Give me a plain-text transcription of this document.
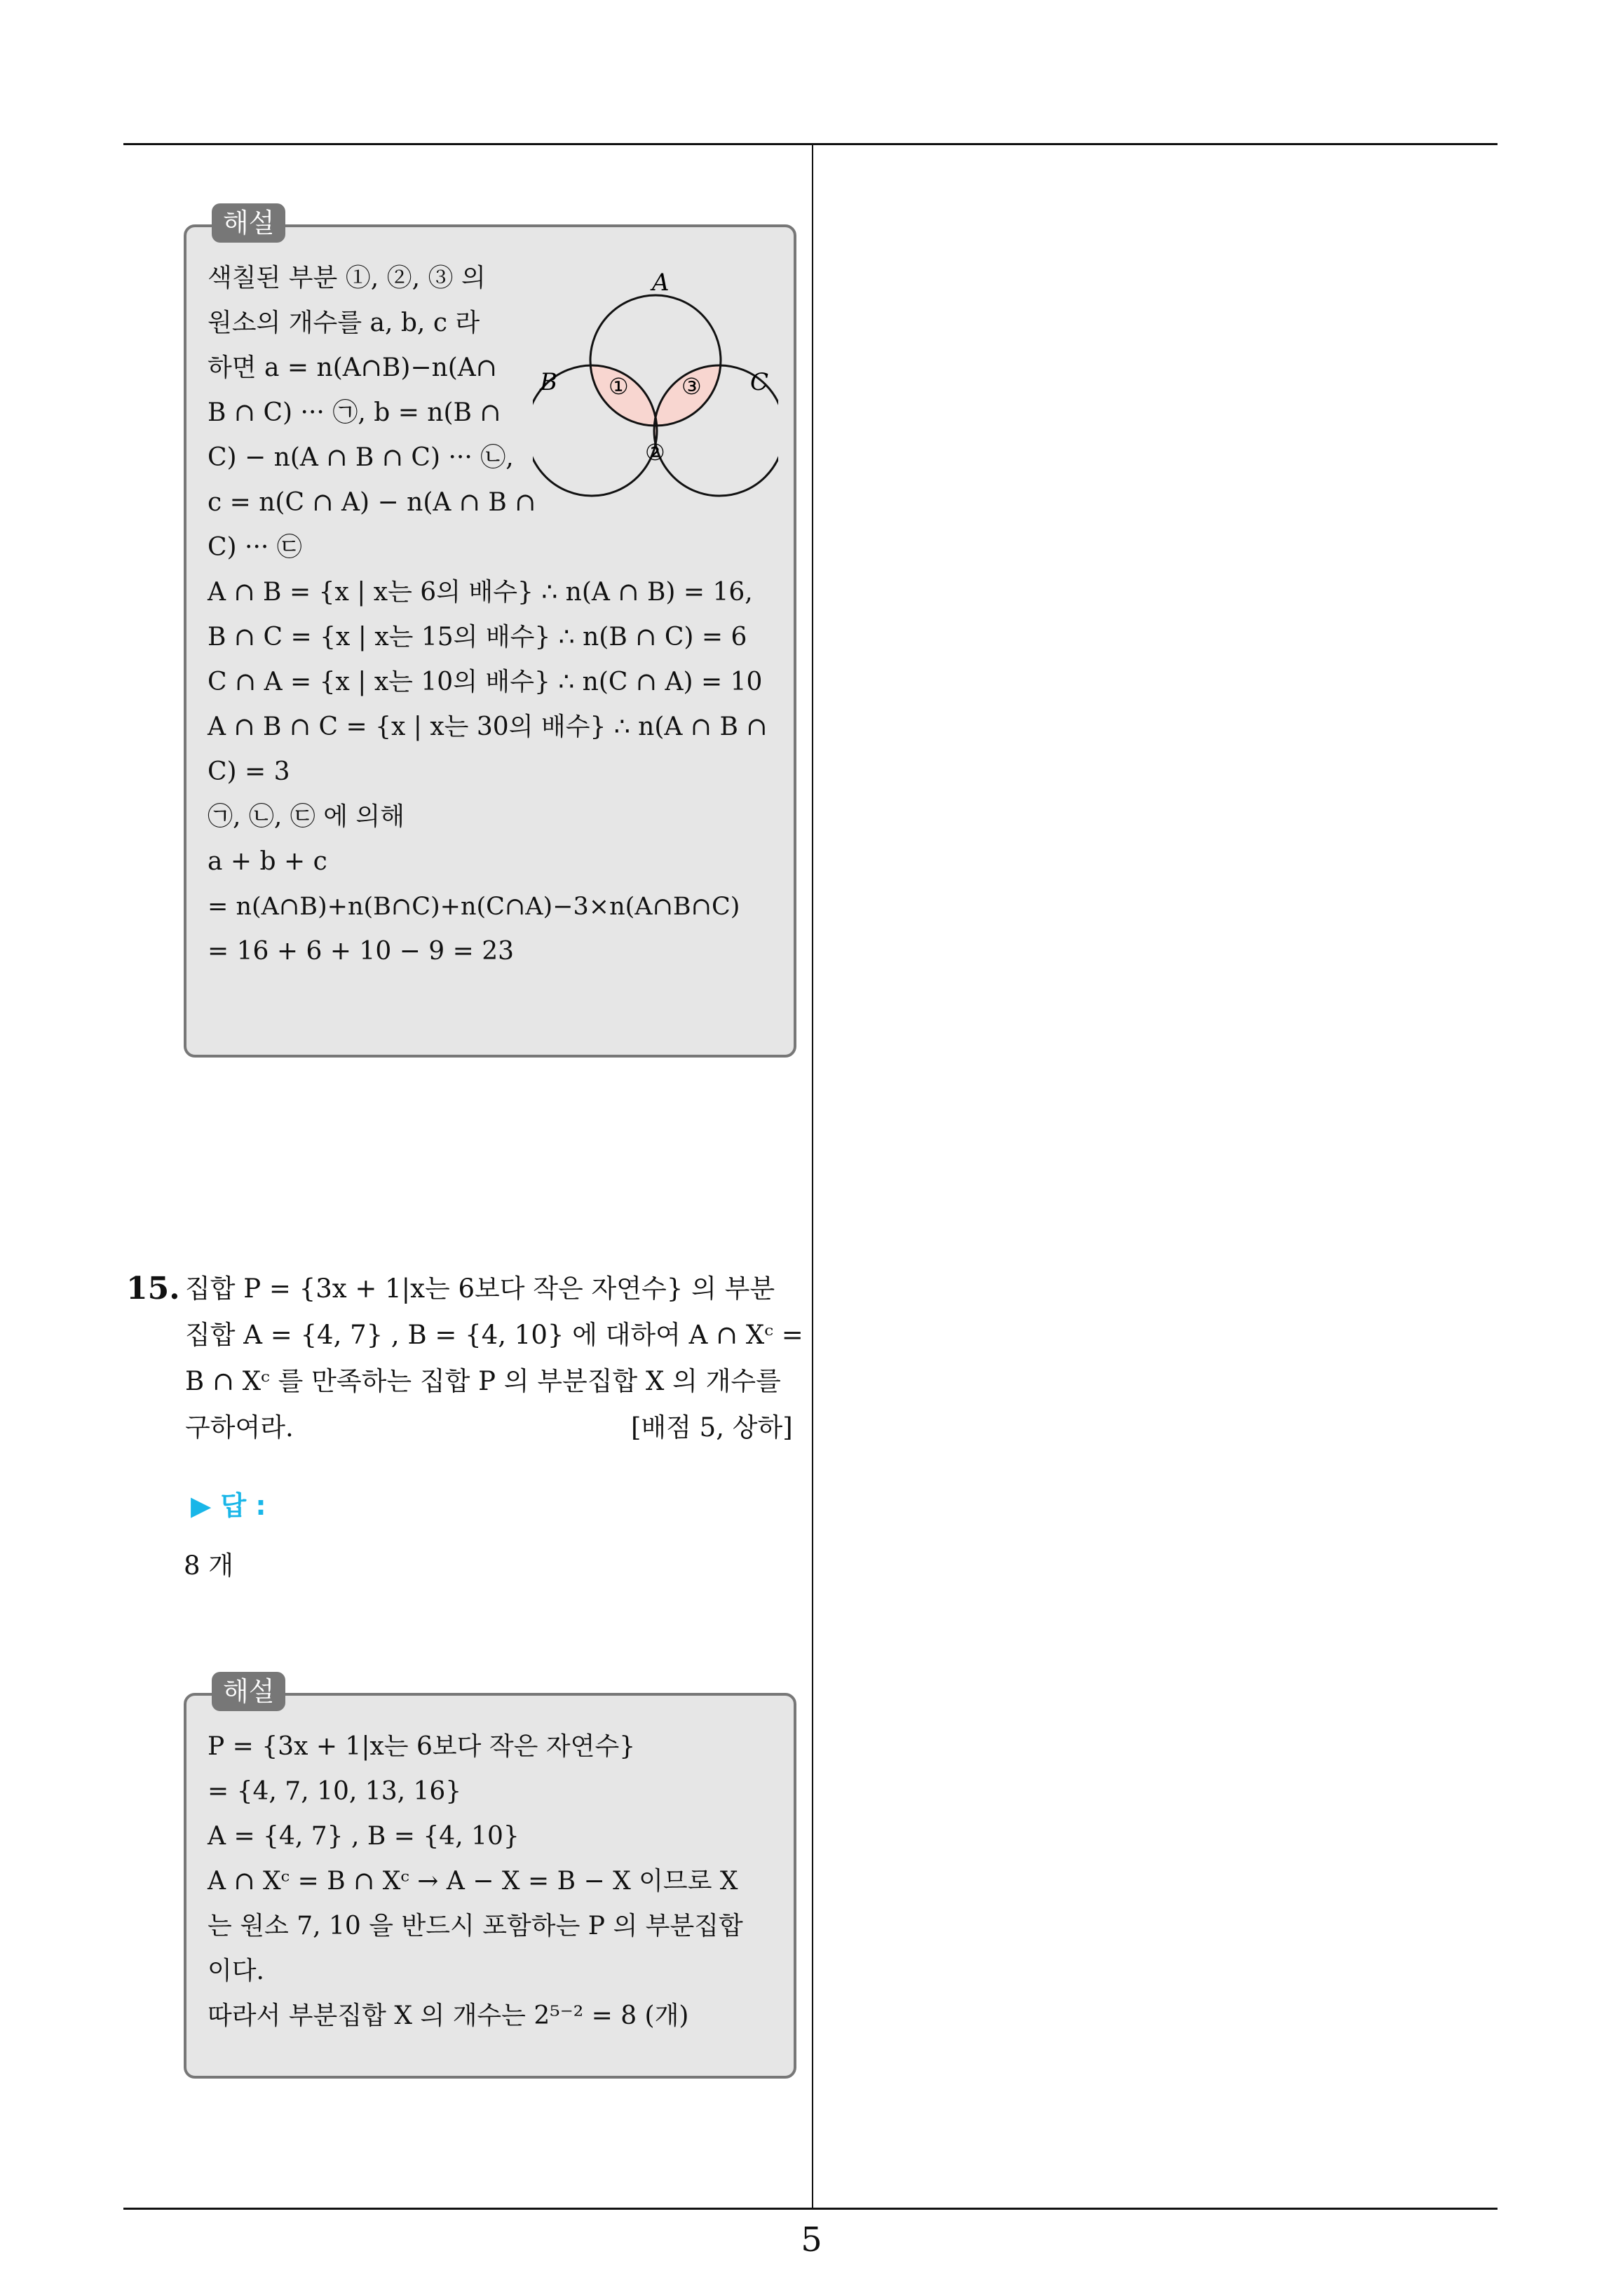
해설
색칠된 부분 ①, ②, ③ 의
원소의 개수를 a, b, c 라
하면 a = n(A∩B)−n(A∩
B ∩ C) ··· ㉠, b = n(B ∩
C) − n(A ∩ B ∩ C) ··· ㉡,
c = n(C ∩ A) − n(A ∩ B ∩
C) ··· ㉢
A ∩ B = {x | x는 6의 배수} ∴ n(A ∩ B) = 16,
B ∩ C = {x | x는 15의 배수} ∴ n(B ∩ C) = 6
C ∩ A = {x | x는 10의 배수} ∴ n(C ∩ A) = 10
A ∩ B ∩ C = {x | x는 30의 배수} ∴ n(A ∩ B ∩
C) = 3
㉠, ㉡, ㉢ 에 의해
a + b + c
= n(A∩B)+n(B∩C)+n(C∩A)−3×n(A∩B∩C)
= 16 + 6 + 10 − 9 = 23
A
B	C
① ③
②
15. 집합 P = {3x + 1|x는 6보다 작은 자연수} 의 부분
집합 A = {4, 7} , B = {4, 10} 에 대하여 A ∩ Xᶜ =
B ∩ Xᶜ 를 만족하는 집합 P 의 부분집합 X 의 개수를
구하여라.	[배점 5, 상하]
▶ 답 :
8 개
해설
P = {3x + 1|x는 6보다 작은 자연수}
= {4, 7, 10, 13, 16}
A = {4, 7} , B = {4, 10}
A ∩ Xᶜ = B ∩ Xᶜ → A − X = B − X 이므로 X
는 원소 7, 10 을 반드시 포함하는 P 의 부분집합
이다.
따라서 부분집합 X 의 개수는 2⁵⁻² = 8 (개)
5
